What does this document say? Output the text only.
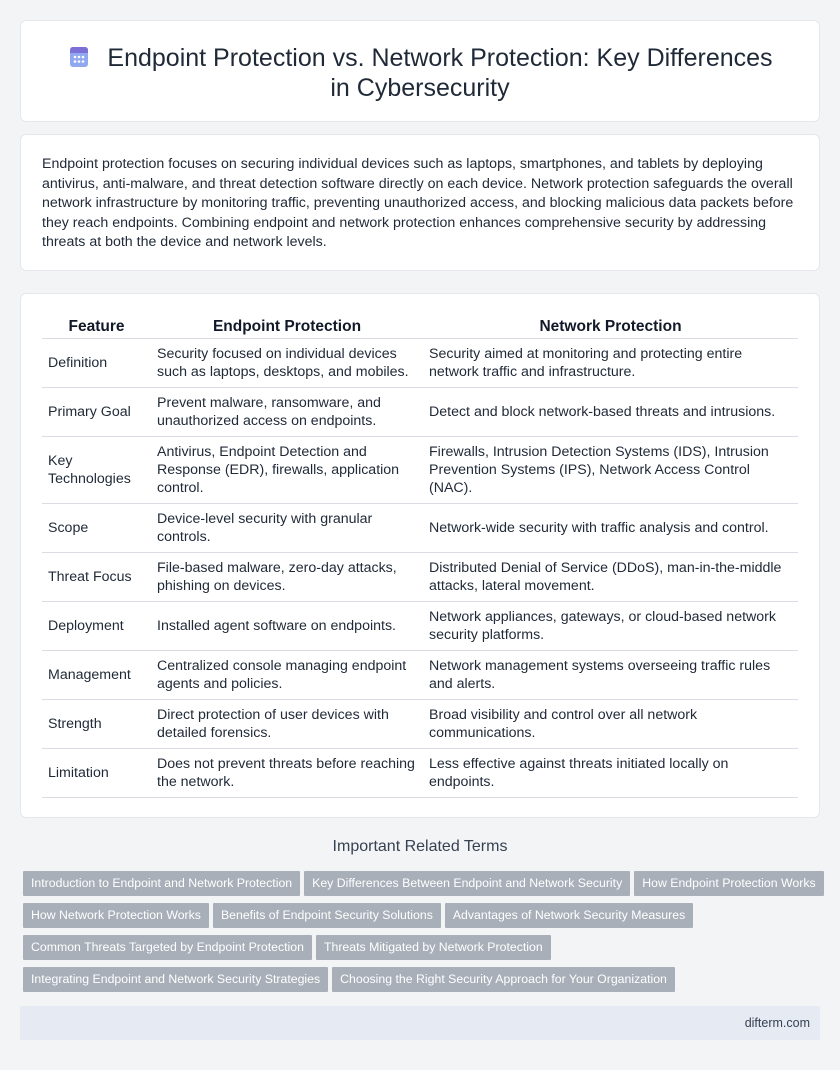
Endpoint Protection vs. Network Protection: Key Differences in Cybersecurity

Endpoint protection focuses on securing individual devices such as laptops, smartphones, and tablets by deploying antivirus, anti-malware, and threat detection software directly on each device. Network protection safeguards the overall network infrastructure by monitoring traffic, preventing unauthorized access, and blocking malicious data packets before they reach endpoints. Combining endpoint and network protection enhances comprehensive security by addressing threats at both the device and network levels.

Feature	Endpoint Protection	Network Protection
Definition	Security focused on individual devices such as laptops, desktops, and mobiles.	Security aimed at monitoring and protecting entire network traffic and infrastructure.
Primary Goal	Prevent malware, ransomware, and unauthorized access on endpoints.	Detect and block network-based threats and intrusions.
Key Technologies	Antivirus, Endpoint Detection and Response (EDR), firewalls, application control.	Firewalls, Intrusion Detection Systems (IDS), Intrusion Prevention Systems (IPS), Network Access Control (NAC).
Scope	Device-level security with granular controls.	Network-wide security with traffic analysis and control.
Threat Focus	File-based malware, zero-day attacks, phishing on devices.	Distributed Denial of Service (DDoS), man-in-the-middle attacks, lateral movement.
Deployment	Installed agent software on endpoints.	Network appliances, gateways, or cloud-based network security platforms.
Management	Centralized console managing endpoint agents and policies.	Network management systems overseeing traffic rules and alerts.
Strength	Direct protection of user devices with detailed forensics.	Broad visibility and control over all network communications.
Limitation	Does not prevent threats before reaching the network.	Less effective against threats initiated locally on endpoints.
Important Related Terms
Introduction to Endpoint and Network Protection Key Differences Between Endpoint and Network Security How Endpoint Protection Works
How Network Protection Works Benefits of Endpoint Security Solutions Advantages of Network Security Measures
Common Threats Targeted by Endpoint Protection Threats Mitigated by Network Protection
Integrating Endpoint and Network Security Strategies Choosing the Right Security Approach for Your Organization
difterm.com
